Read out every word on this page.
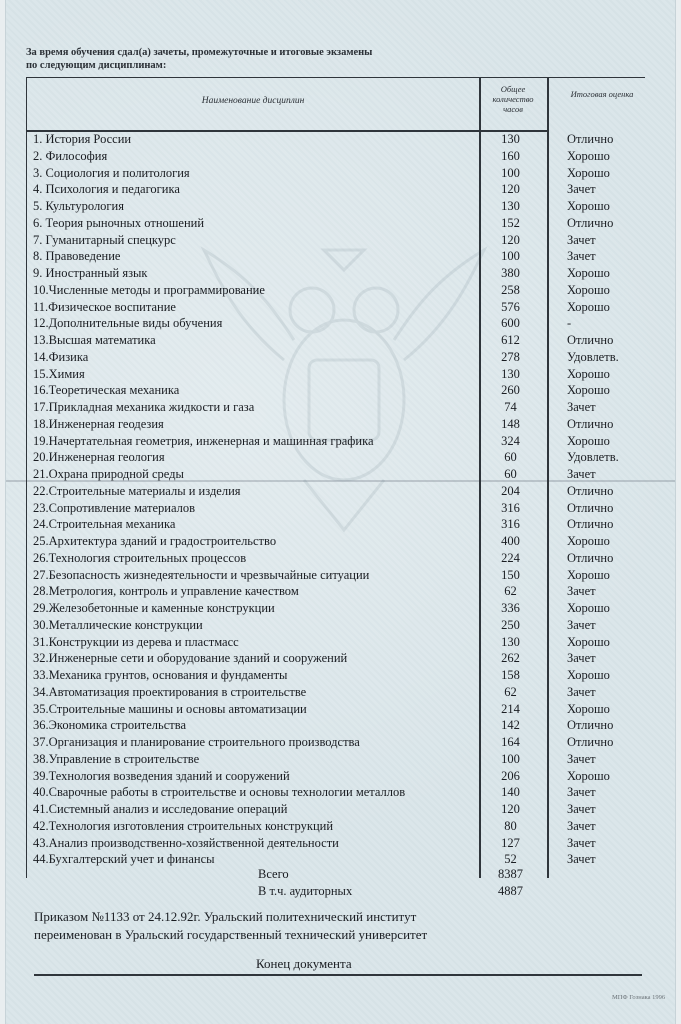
За время обучения сдал(а) зачеты, промежуточные и итоговые экзамены
по следующим дисциплинам:
Наименование дисциплин
Общее количество часов
Итоговая оценка
1. История России	130	Отлично
2. Философия	160	Хорошо
3. Социология и политология	100	Хорошо
4. Психология и педагогика	120	Зачет
5. Культурология	130	Хорошо
6. Теория рыночных отношений	152	Отлично
7. Гуманитарный спецкурс	120	Зачет
8. Правоведение	100	Зачет
9. Иностранный язык	380	Хорошо
10.Численные методы и программирование	258	Хорошо
11.Физическое воспитание	576	Хорошо
12.Дополнительные виды обучения	600	-
13.Высшая математика	612	Отлично
14.Физика	278	Удовлетв.
15.Химия	130	Хорошо
16.Теоретическая механика	260	Хорошо
17.Прикладная механика жидкости и газа	74	Зачет
18.Инженерная геодезия	148	Отлично
19.Начертательная геометрия, инженерная и машинная графика	324	Хорошо
20.Инженерная геология	60	Удовлетв.
21.Охрана природной среды	60	Зачет
22.Строительные материалы и изделия	204	Отлично
23.Сопротивление материалов	316	Отлично
24.Строительная механика	316	Отлично
25.Архитектура зданий и градостроительство	400	Хорошо
26.Технология строительных процессов	224	Отлично
27.Безопасность жизнедеятельности и чрезвычайные ситуации	150	Хорошо
28.Метрология, контроль и управление качеством	62	Зачет
29.Железобетонные и каменные конструкции	336	Хорошо
30.Металлические конструкции	250	Зачет
31.Конструкции из дерева и пластмасс	130	Хорошо
32.Инженерные сети и оборудование зданий и сооружений	262	Зачет
33.Механика грунтов, основания и фундаменты	158	Хорошо
34.Автоматизация проектирования в строительстве	62	Зачет
35.Строительные машины и основы автоматизации	214	Хорошо
36.Экономика строительства	142	Отлично
37.Организация и планирование строительного производства	164	Отлично
38.Управление в строительстве	100	Зачет
39.Технология возведения зданий и сооружений	206	Хорошо
40.Сварочные работы в строительстве и основы технологии металлов	140	Зачет
41.Системный анализ и исследование операций	120	Зачет
42.Технология изготовления строительных конструкций	80	Зачет
43.Анализ производственно-хозяйственной деятельности	127	Зачет
44.Бухгалтерский учет и финансы	52	Зачет
Всего	8387
В т.ч. аудиторных	4887
Приказом №1133 от 24.12.92г. Уральский политехнический институт
переименован в Уральский государственный технический университет
Конец документа
МПФ Гознака 1996
